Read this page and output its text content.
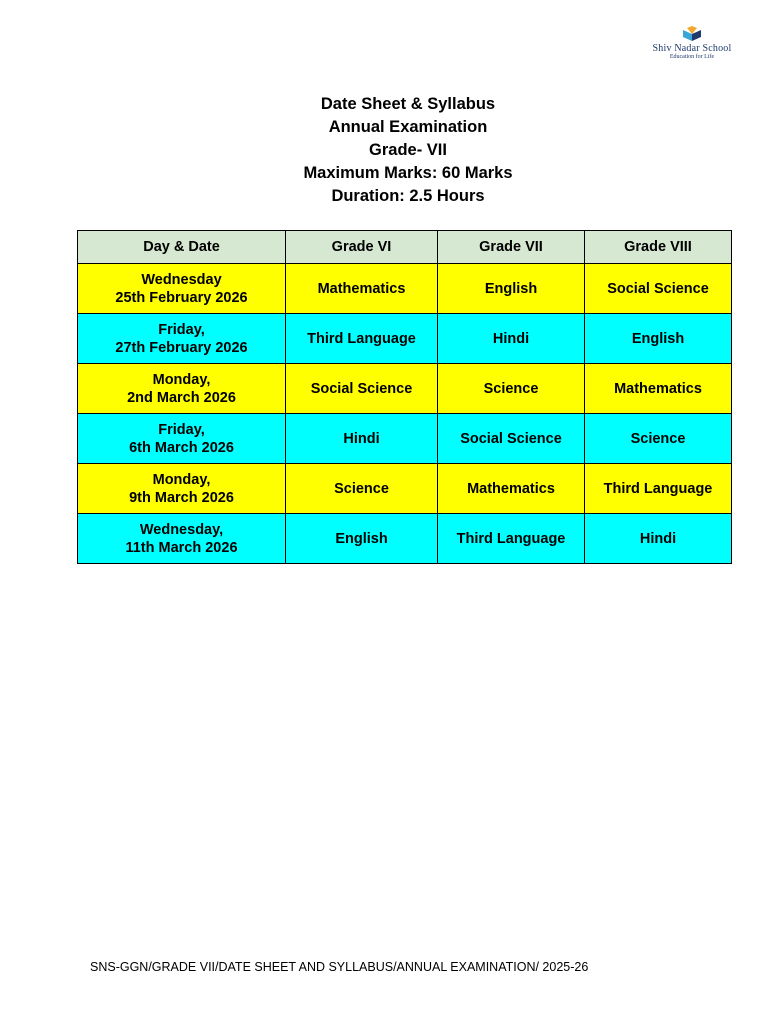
Shiv Nadar School
Education for Life
Date Sheet & Syllabus
Annual Examination
Grade- VII
Maximum Marks: 60 Marks
Duration: 2.5 Hours
Day & Date	Grade VI	Grade VII	Grade VIII

Wednesday
25th February 2026	Mathematics	English	Social Science

Friday,
27th February 2026	Third Language	Hindi	English

Monday,
2nd March 2026	Social Science	Science	Mathematics

Friday,
6th March 2026	Hindi	Social Science	Science

Monday,
9th March 2026	Science	Mathematics	Third Language

Wednesday,
11th March 2026	English	Third Language	Hindi
SNS-GGN/GRADE VII/DATE SHEET AND SYLLABUS/ANNUAL EXAMINATION/ 2025-26
